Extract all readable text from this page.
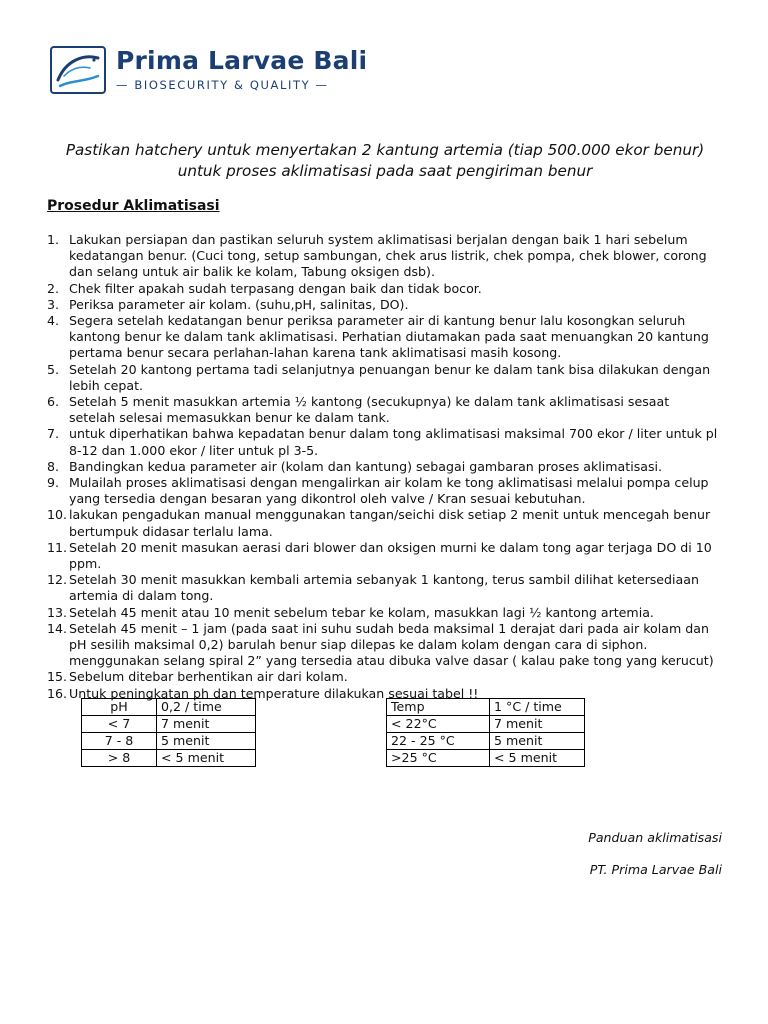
Prima Larvae Bali
— BIOSECURITY & QUALITY —
Pastikan hatchery untuk menyertakan 2 kantung artemia (tiap 500.000 ekor benur)
untuk proses aklimatisasi pada saat pengiriman benur
Prosedur Aklimatisasi
1. Lakukan persiapan dan pastikan seluruh system aklimatisasi berjalan dengan baik 1 hari sebelum kedatangan benur. (Cuci tong, setup sambungan, chek arus listrik, chek pompa, chek blower, corong dan selang untuk air balik ke kolam, Tabung oksigen dsb).
2. Chek filter apakah sudah terpasang dengan baik dan tidak bocor.
3. Periksa parameter air kolam. (suhu,pH, salinitas, DO).
4. Segera setelah kedatangan benur periksa parameter air di kantung benur lalu kosongkan seluruh kantong benur ke dalam tank aklimatisasi. Perhatian diutamakan pada saat menuangkan 20 kantung pertama benur secara perlahan-lahan karena tank aklimatisasi masih kosong.
5. Setelah 20 kantong pertama tadi selanjutnya penuangan benur ke dalam tank bisa dilakukan dengan lebih cepat.
6. Setelah 5 menit masukkan artemia ½ kantong (secukupnya) ke dalam tank aklimatisasi sesaat setelah selesai memasukkan benur ke dalam tank.
7. untuk diperhatikan bahwa kepadatan benur dalam tong aklimatisasi maksimal 700 ekor / liter untuk pl 8-12 dan 1.000 ekor / liter untuk pl 3-5.
8. Bandingkan kedua parameter air (kolam dan kantung) sebagai gambaran proses aklimatisasi.
9. Mulailah proses aklimatisasi dengan mengalirkan air kolam ke tong aklimatisasi melalui pompa celup yang tersedia dengan besaran yang dikontrol oleh valve / Kran sesuai kebutuhan.
10. lakukan pengadukan manual menggunakan tangan/seichi disk setiap 2 menit untuk mencegah benur bertumpuk didasar terlalu lama.
11. Setelah 20 menit masukan aerasi dari blower dan oksigen murni ke dalam tong agar terjaga DO di 10 ppm.
12. Setelah 30 menit masukkan kembali artemia sebanyak 1 kantong, terus sambil dilihat ketersediaan artemia di dalam tong.
13. Setelah 45 menit atau 10 menit sebelum tebar ke kolam, masukkan lagi ½ kantong artemia.
14. Setelah 45 menit – 1 jam (pada saat ini suhu sudah beda maksimal 1 derajat dari pada air kolam dan pH sesilih maksimal 0,2) barulah benur siap dilepas ke dalam kolam dengan cara di siphon. menggunakan selang spiral 2” yang tersedia atau dibuka valve dasar ( kalau pake tong yang kerucut)
15. Sebelum ditebar berhentikan air dari kolam.
16. Untuk peningkatan ph dan temperature dilakukan sesuai tabel !!
pH	0,2 / time
< 7	7 menit
7 - 8	5 menit
> 8	< 5 menit
Temp	1 °C / time
< 22°C	7 menit
22 - 25 °C	5 menit
>25 °C	< 5 menit
Panduan aklimatisasi
PT. Prima Larvae Bali
